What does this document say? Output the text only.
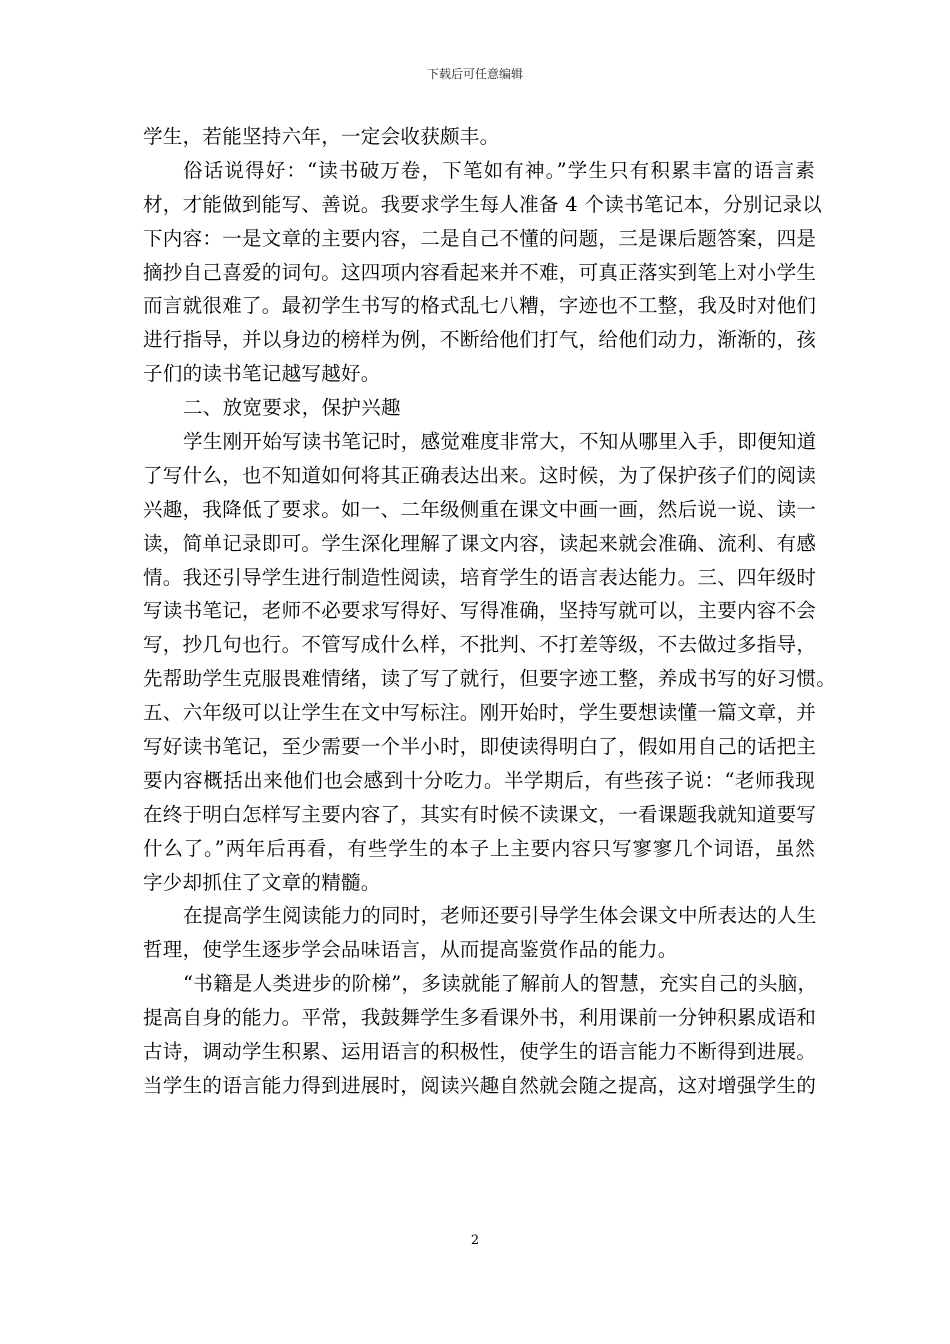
下载后可任意编辑
学生，若能坚持六年，一定会收获颇丰。
俗话说得好：“读书破万卷，下笔如有神。”学生只有积累丰富的语言素
材，才能做到能写、善说。我要求学生每人准备 4 个读书笔记本，分别记录以
下内容：一是文章的主要内容，二是自己不懂的问题，三是课后题答案，四是
摘抄自己喜爱的词句。这四项内容看起来并不难，可真正落实到笔上对小学生
而言就很难了。最初学生书写的格式乱七八糟，字迹也不工整，我及时对他们
进行指导，并以身边的榜样为例，不断给他们打气，给他们动力，渐渐的，孩
子们的读书笔记越写越好。
二、放宽要求，保护兴趣
学生刚开始写读书笔记时，感觉难度非常大，不知从哪里入手，即便知道
了写什么，也不知道如何将其正确表达出来。这时候，为了保护孩子们的阅读
兴趣，我降低了要求。如一、二年级侧重在课文中画一画，然后说一说、读一
读，简单记录即可。学生深化理解了课文内容，读起来就会准确、流利、有感
情。我还引导学生进行制造性阅读，培育学生的语言表达能力。三、四年级时
写读书笔记，老师不必要求写得好、写得准确，坚持写就可以，主要内容不会
写，抄几句也行。不管写成什么样，不批判、不打差等级，不去做过多指导，
先帮助学生克服畏难情绪，读了写了就行，但要字迹工整，养成书写的好习惯。
五、六年级可以让学生在文中写标注。刚开始时，学生要想读懂一篇文章，并
写好读书笔记，至少需要一个半小时，即使读得明白了，假如用自己的话把主
要内容概括出来他们也会感到十分吃力。半学期后，有些孩子说：“老师我现
在终于明白怎样写主要内容了，其实有时候不读课文，一看课题我就知道要写
什么了。”两年后再看，有些学生的本子上主要内容只写寥寥几个词语，虽然
字少却抓住了文章的精髓。
在提高学生阅读能力的同时，老师还要引导学生体会课文中所表达的人生
哲理，使学生逐步学会品味语言，从而提高鉴赏作品的能力。
“书籍是人类进步的阶梯”，多读就能了解前人的智慧，充实自己的头脑，
提高自身的能力。平常，我鼓舞学生多看课外书，利用课前一分钟积累成语和
古诗，调动学生积累、运用语言的积极性，使学生的语言能力不断得到进展。
当学生的语言能力得到进展时，阅读兴趣自然就会随之提高，这对增强学生的
2
